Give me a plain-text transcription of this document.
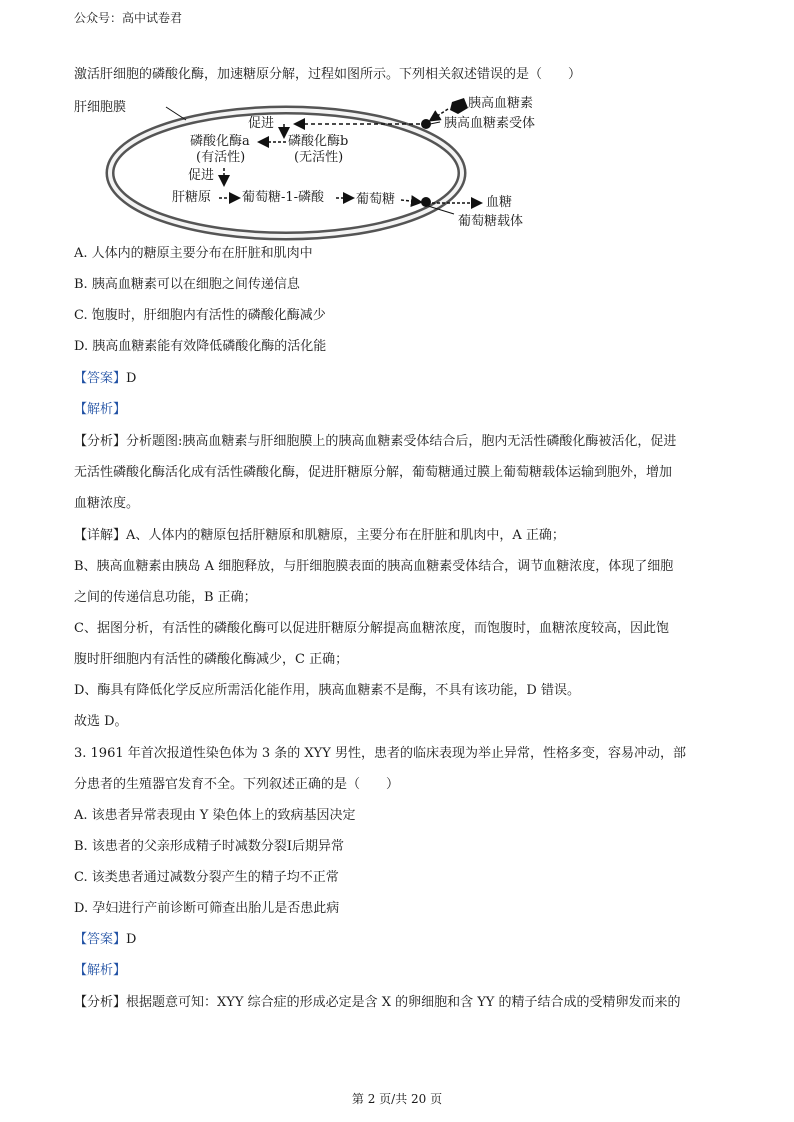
公众号：高中试卷君
激活肝细胞的磷酸化酶，加速糖原分解，过程如图所示。下列相关叙述错误的是（　　）
肝细胞膜	胰高血糖素
胰高血糖素受体
促进
磷酸化酶a
(有活性)
磷酸化酶b
(无活性)
促进
肝糖原 葡萄糖-1-磷酸 葡萄糖	血糖
葡萄糖载体
A. 人体内的糖原主要分布在肝脏和肌肉中
B. 胰高血糖素可以在细胞之间传递信息
C. 饱腹时，肝细胞内有活性的磷酸化酶减少
D. 胰高血糖素能有效降低磷酸化酶的活化能
【答案】D
【解析】
【分析】分析题图:胰高血糖素与肝细胞膜上的胰高血糖素受体结合后，胞内无活性磷酸化酶被活化，促进
无活性磷酸化酶活化成有活性磷酸化酶，促进肝糖原分解，葡萄糖通过膜上葡萄糖载体运输到胞外，增加
血糖浓度。
【详解】A、人体内的糖原包括肝糖原和肌糖原，主要分布在肝脏和肌肉中，A 正确；
B、胰高血糖素由胰岛 A 细胞释放，与肝细胞膜表面的胰高血糖素受体结合，调节血糖浓度，体现了细胞
之间的传递信息功能，B 正确；
C、据图分析，有活性的磷酸化酶可以促进肝糖原分解提高血糖浓度，而饱腹时，血糖浓度较高，因此饱
腹时肝细胞内有活性的磷酸化酶减少，C 正确；
D、酶具有降低化学反应所需活化能作用，胰高血糖素不是酶，不具有该功能，D 错误。
故选 D。
3. 1961 年首次报道性染色体为 3 条的 XYY 男性，患者的临床表现为举止异常，性格多变，容易冲动，部
分患者的生殖器官发育不全。下列叙述正确的是（　　）
A. 该患者异常表现由 Y 染色体上的致病基因决定
B. 该患者的父亲形成精子时减数分裂Ⅰ后期异常
C. 该类患者通过减数分裂产生的精子均不正常
D. 孕妇进行产前诊断可筛查出胎儿是否患此病
【答案】D
【解析】
【分析】根据题意可知：XYY 综合症的形成必定是含 X 的卵细胞和含 YY 的精子结合成的受精卵发而来的
第 2 页/共 20 页
